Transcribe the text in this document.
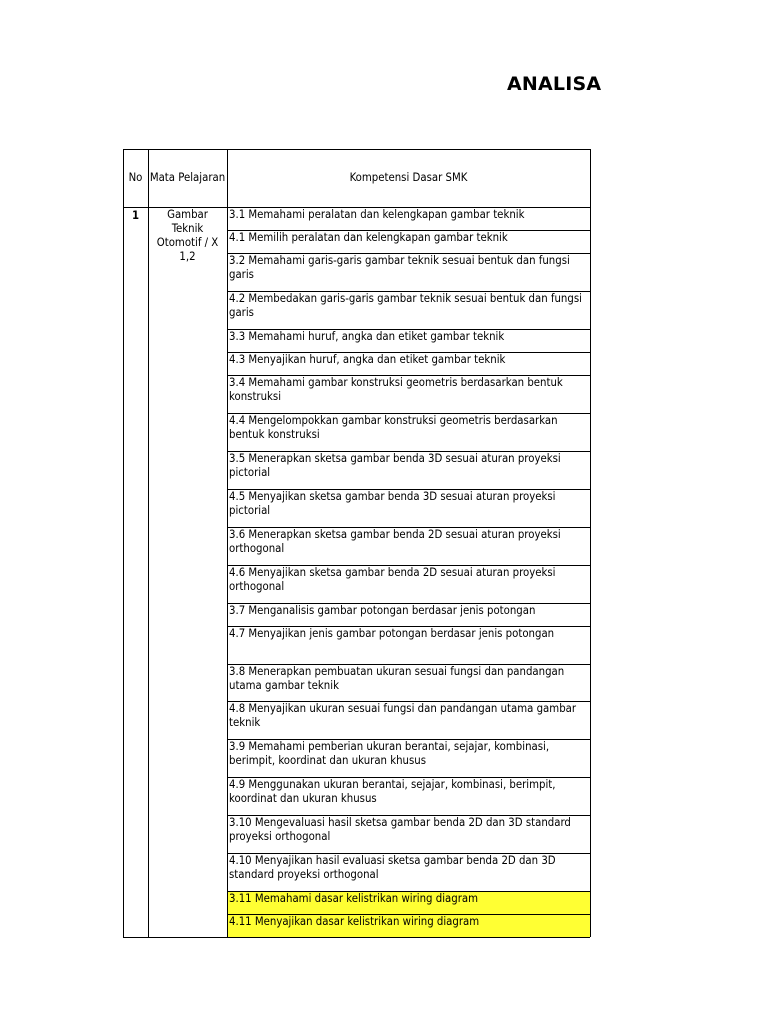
ANALISA
No Mata Pelajaran	Kompetensi Dasar SMK
1	Gambar
Teknik
Otomotif / X
1,2
3.1 Memahami peralatan dan kelengkapan gambar teknik
4.1 Memilih peralatan dan kelengkapan gambar teknik
3.2 Memahami garis-garis gambar teknik sesuai bentuk dan fungsi garis
4.2 Membedakan garis-garis gambar teknik sesuai bentuk dan fungsi garis
3.3 Memahami huruf, angka dan etiket gambar teknik
4.3 Menyajikan huruf, angka dan etiket gambar teknik
3.4 Memahami gambar konstruksi geometris berdasarkan bentuk konstruksi
4.4 Mengelompokkan gambar konstruksi geometris berdasarkan bentuk konstruksi
3.5 Menerapkan sketsa gambar benda 3D sesuai aturan proyeksi pictorial
4.5 Menyajikan sketsa gambar benda 3D sesuai aturan proyeksi pictorial
3.6 Menerapkan sketsa gambar benda 2D sesuai aturan proyeksi orthogonal
4.6 Menyajikan sketsa gambar benda 2D sesuai aturan proyeksi orthogonal
3.7 Menganalisis gambar potongan berdasar jenis potongan
4.7 Menyajikan jenis gambar potongan berdasar jenis potongan
3.8 Menerapkan pembuatan ukuran sesuai fungsi dan pandangan utama gambar teknik
4.8 Menyajikan ukuran sesuai fungsi dan pandangan utama gambar teknik
3.9 Memahami pemberian ukuran berantai, sejajar, kombinasi, berimpit, koordinat dan ukuran khusus
4.9 Menggunakan ukuran berantai, sejajar, kombinasi, berimpit, koordinat dan ukuran khusus
3.10 Mengevaluasi hasil sketsa gambar benda 2D dan 3D standard proyeksi orthogonal
4.10 Menyajikan hasil evaluasi sketsa gambar benda 2D dan 3D standard proyeksi orthogonal
3.11 Memahami dasar kelistrikan wiring diagram
4.11 Menyajikan dasar kelistrikan wiring diagram
